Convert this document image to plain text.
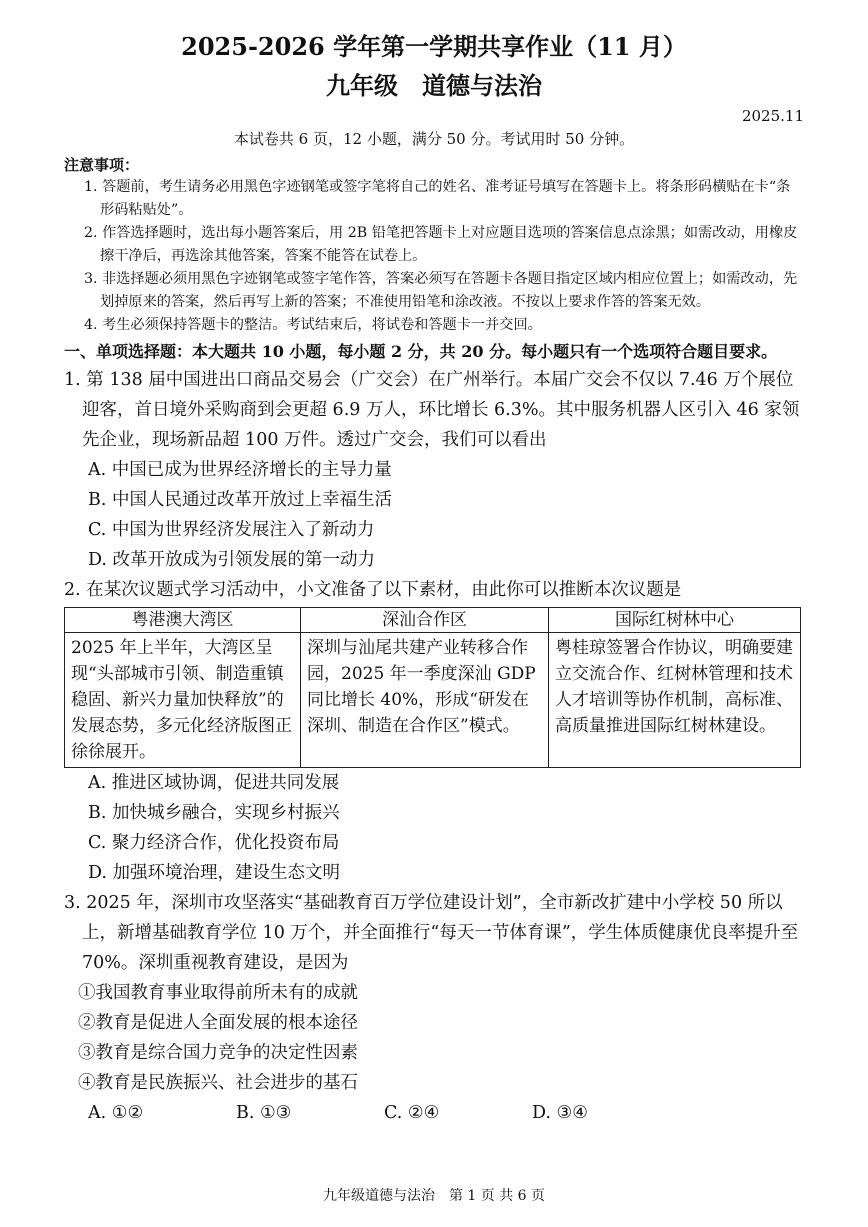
2025-2026 学年第一学期共享作业（11 月）
九年级　道德与法治
2025.11
本试卷共 6 页，12 小题，满分 50 分。考试用时 50 分钟。
注意事项：

1. 答题前，考生请务必用黑色字迹钢笔或签字笔将自己的姓名、准考证号填写在答题卡上。将条形码横贴在卡“条形码粘贴处”。

2. 作答选择题时，选出每小题答案后，用 2B 铅笔把答题卡上对应题目选项的答案信息点涂黑；如需改动，用橡皮擦干净后，再选涂其他答案，答案不能答在试卷上。

3. 非选择题必须用黑色字迹钢笔或签字笔作答，答案必须写在答题卡各题目指定区域内相应位置上；如需改动，先划掉原来的答案，然后再写上新的答案；不准使用铅笔和涂改液。不按以上要求作答的答案无效。

4. 考生必须保持答题卡的整洁。考试结束后，将试卷和答题卡一并交回。

一、单项选择题：本大题共 10 小题，每小题 2 分，共 20 分。每小题只有一个选项符合题目要求。

1. 第 138 届中国进出口商品交易会（广交会）在广州举行。本届广交会不仅以 7.46 万个展位迎客，首日境外采购商到会更超 6.9 万人，环比增长 6.3%。其中服务机器人区引入 46 家领先企业，现场新品超 100 万件。透过广交会，我们可以看出

A. 中国已成为世界经济增长的主导力量

B. 中国人民通过改革开放过上幸福生活

C. 中国为世界经济发展注入了新动力

D. 改革开放成为引领发展的第一动力

2. 在某次议题式学习活动中，小文准备了以下素材，由此你可以推断本次议题是

粤港澳大湾区	深汕合作区	国际红树林中心
2025 年上半年，大湾区呈现“头部城市引领、制造重镇稳固、新兴力量加快释放”的发展态势，多元化经济版图正徐徐展开。	深圳与汕尾共建产业转移合作园，2025 年一季度深汕 GDP 同比增长 40%，形成“研发在深圳、制造在合作区”模式。	粤桂琼签署合作协议，明确要建立交流合作、红树林管理和技术人才培训等协作机制，高标准、高质量推进国际红树林建设。

A. 推进区域协调，促进共同发展

B. 加快城乡融合，实现乡村振兴

C. 聚力经济合作，优化投资布局

D. 加强环境治理，建设生态文明

3. 2025 年，深圳市攻坚落实“基础教育百万学位建设计划”，全市新改扩建中小学校 50 所以上，新增基础教育学位 10 万个，并全面推行“每天一节体育课”，学生体质健康优良率提升至 70%。深圳重视教育建设，是因为

①我国教育事业取得前所未有的成就

②教育是促进人全面发展的根本途径

③教育是综合国力竞争的决定性因素

④教育是民族振兴、社会进步的基石

A. ①②	B. ①③	C. ②④	D. ③④
九年级道德与法治　第 1 页 共 6 页
